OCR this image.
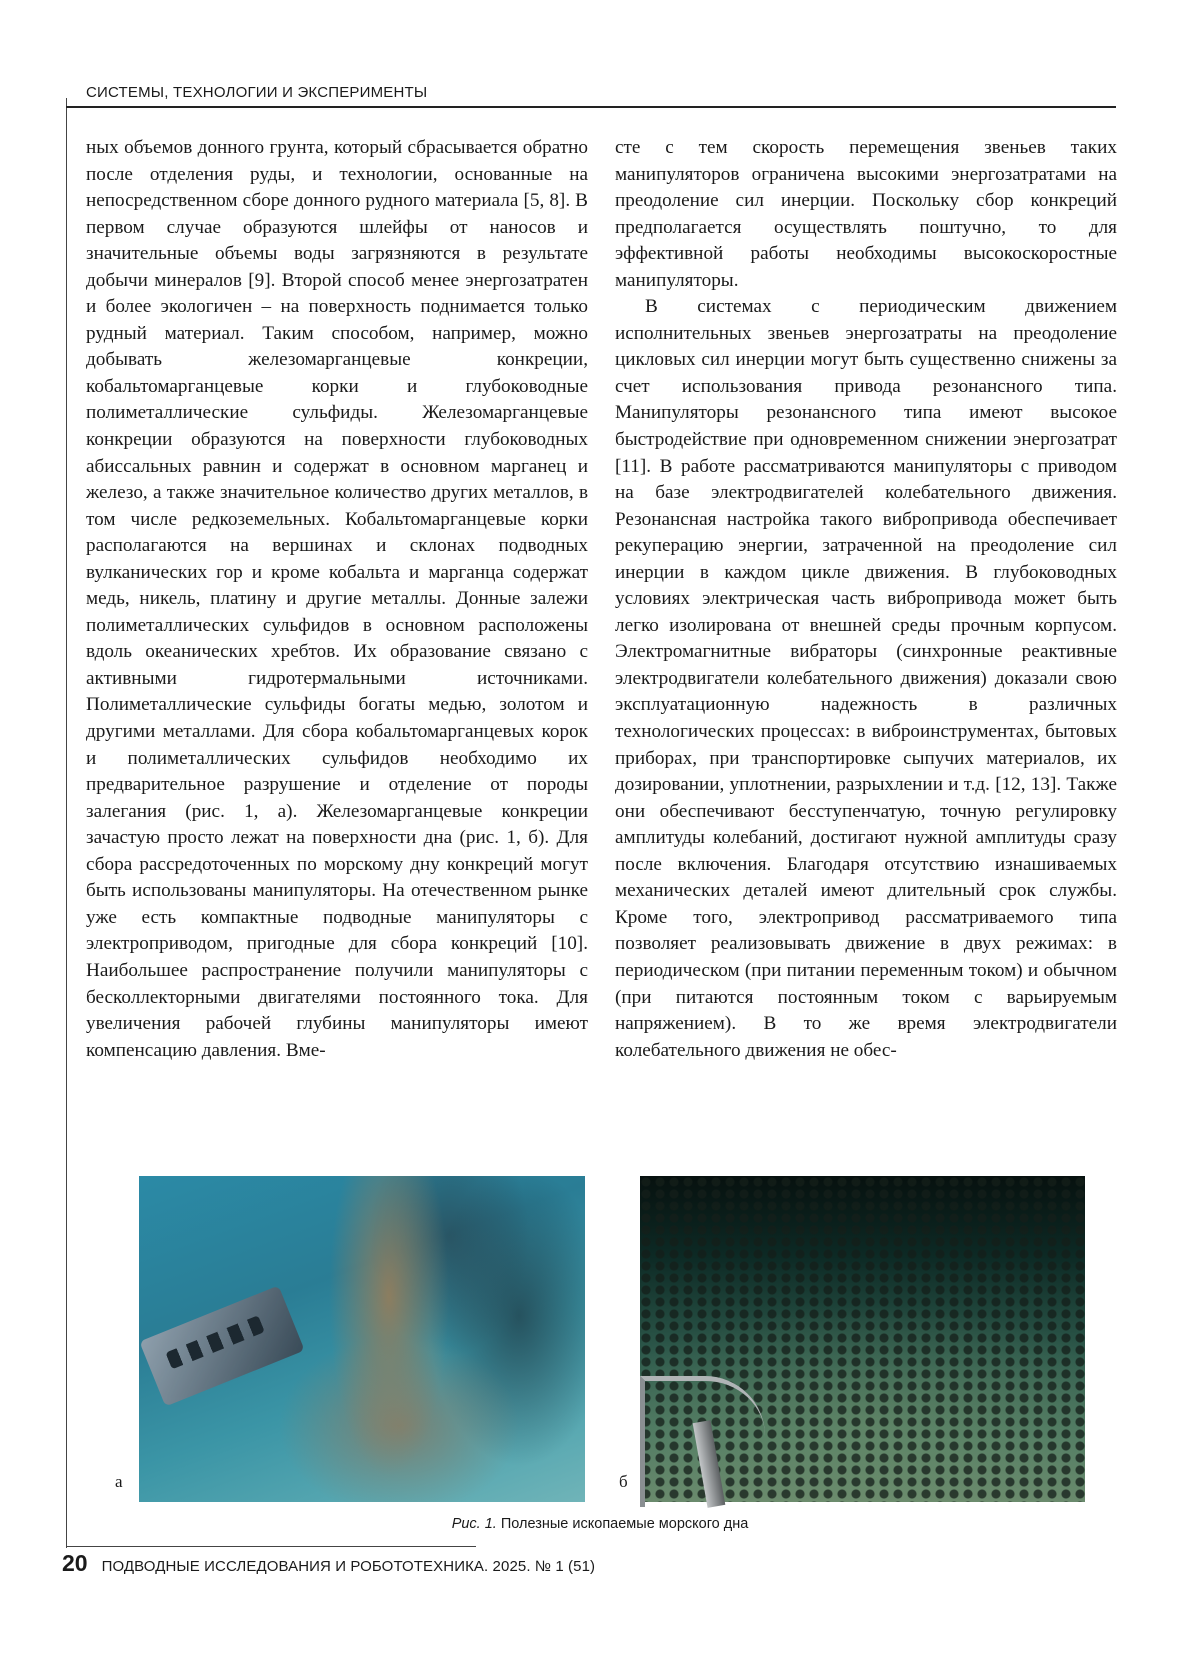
СИСТЕМЫ, ТЕХНОЛОГИИ И ЭКСПЕРИМЕНТЫ

ных объемов донного грунта, который сбрасывается обратно после отделения руды, и технологии, основанные на непосредственном сборе донного рудного материала [5, 8]. В первом случае образуются шлейфы от наносов и значительные объемы воды загрязняются в результате добычи минералов [9]. Второй способ менее энергозатратен и более экологичен – на поверхность поднимается только рудный материал. Таким способом, например, можно добывать железомарганцевые конкреции, кобальтомарганцевые корки и глубоководные полиметаллические сульфиды. Железомарганцевые конкреции образуются на поверхности глубоководных абиссальных равнин и содержат в основном марганец и железо, а также значительное количество других металлов, в том числе редкоземельных. Кобальтомарганцевые корки располагаются на вершинах и склонах подводных вулканических гор и кроме кобальта и марганца содержат медь, никель, платину и другие металлы. Донные залежи полиметаллических сульфидов в основном расположены вдоль океанических хребтов. Их образование связано с активными гидротермальными источниками. Полиметаллические сульфиды богаты медью, золотом и другими металлами. Для сбора кобальтомарганцевых корок и полиметаллических сульфидов необходимо их предварительное разрушение и отделение от породы залегания (рис. 1, а). Железомарганцевые конкреции зачастую просто лежат на поверхности дна (рис. 1, б). Для сбора рассредоточенных по морскому дну конкреций могут быть использованы манипуляторы. На отечественном рынке уже есть компактные подводные манипуляторы с электроприводом, пригодные для сбора конкреций [10]. Наибольшее распространение получили манипуляторы с бесколлекторными двигателями постоянного тока. Для увеличения рабочей глубины манипуляторы имеют компенсацию давления. Вме-

сте с тем скорость перемещения звеньев таких манипуляторов ограничена высокими энергозатратами на преодоление сил инерции. Поскольку сбор конкреций предполагается осуществлять поштучно, то для эффективной работы необходимы высокоскоростные манипуляторы.

В системах с периодическим движением исполнительных звеньев энергозатраты на преодоление цикловых сил инерции могут быть существенно снижены за счет использования привода резонансного типа. Манипуляторы резонансного типа имеют высокое быстродействие при одновременном снижении энергозатрат [11]. В работе рассматриваются манипуляторы с приводом на базе электродвигателей колебательного движения. Резонансная настройка такого вибропривода обеспечивает рекуперацию энергии, затраченной на преодоление сил инерции в каждом цикле движения. В глубоководных условиях электрическая часть вибропривода может быть легко изолирована от внешней среды прочным корпусом. Электромагнитные вибраторы (синхронные реактивные электродвигатели колебательного движения) доказали свою эксплуатационную надежность в различных технологических процессах: в виброинструментах, бытовых приборах, при транспортировке сыпучих материалов, их дозировании, уплотнении, разрыхлении и т.д. [12, 13]. Также они обеспечивают бесступенчатую, точную регулировку амплитуды колебаний, достигают нужной амплитуды сразу после включения. Благодаря отсутствию изнашиваемых механических деталей имеют длительный срок службы. Кроме того, электропривод рассматриваемого типа позволяет реализовывать движение в двух режимах: в периодическом (при питании переменным током) и обычном (при питаются постоянным током с варьируемым напряжением). В то же время электродвигатели колебательного движения не обес-

а	б
Рис. 1. Полезные ископаемые морского дна
20 ПОДВОДНЫЕ ИССЛЕДОВАНИЯ И РОБОТОТЕХНИКА. 2025. № 1 (51)
